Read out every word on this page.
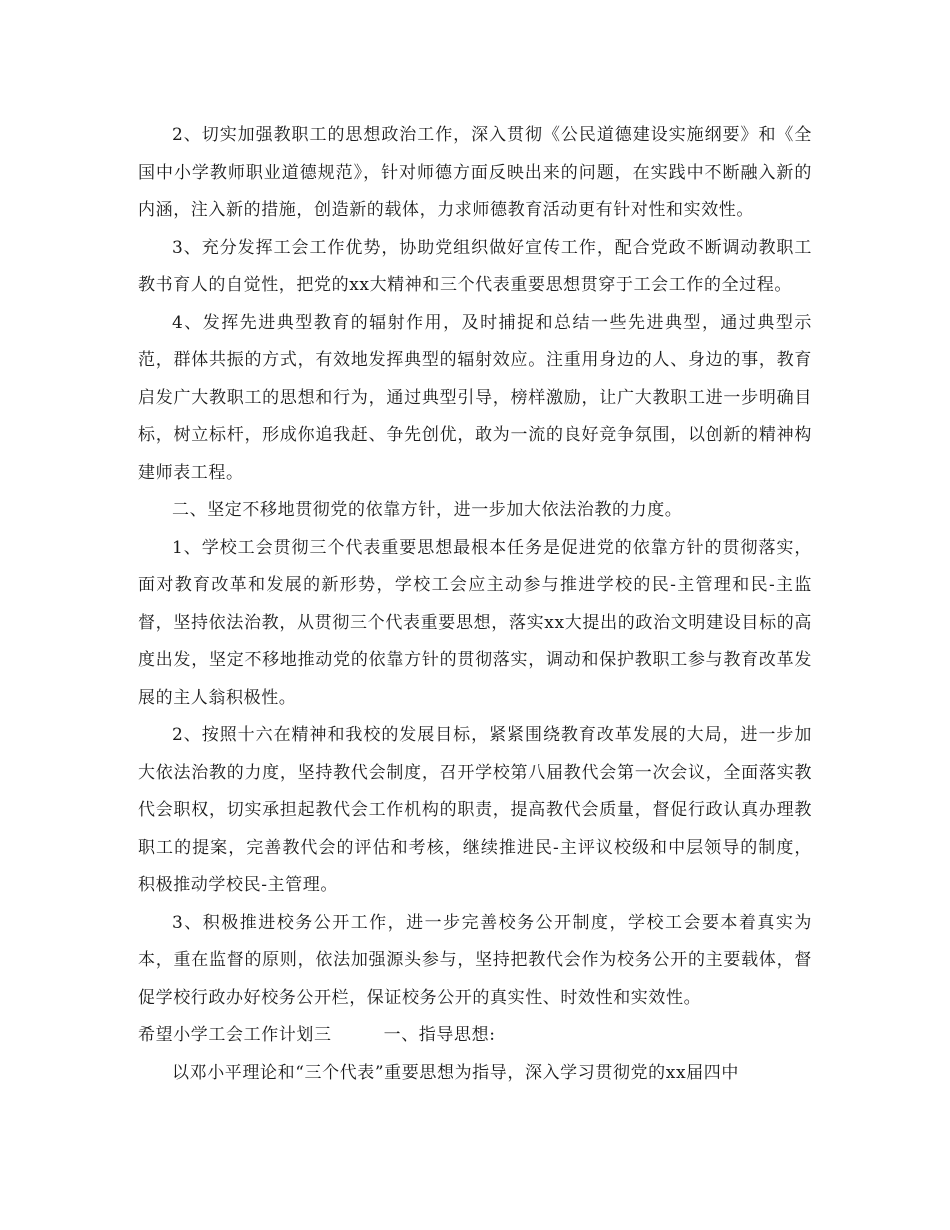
2、切实加强教职工的思想政治工作，深入贯彻《公民道德建设实施纲要》和《全国中小学教师职业道德规范》，针对师德方面反映出来的问题，在实践中不断融入新的内涵，注入新的措施，创造新的载体，力求师德教育活动更有针对性和实效性。

3、充分发挥工会工作优势，协助党组织做好宣传工作，配合党政不断调动教职工教书育人的自觉性，把党的xx大精神和三个代表重要思想贯穿于工会工作的全过程。

4、发挥先进典型教育的辐射作用，及时捕捉和总结一些先进典型，通过典型示范，群体共振的方式，有效地发挥典型的辐射效应。注重用身边的人、身边的事，教育启发广大教职工的思想和行为，通过典型引导，榜样激励，让广大教职工进一步明确目标，树立标杆，形成你追我赶、争先创优，敢为一流的良好竞争氛围，以创新的精神构建师表工程。

二、坚定不移地贯彻党的依靠方针，进一步加大依法治教的力度。

1、学校工会贯彻三个代表重要思想最根本任务是促进党的依靠方针的贯彻落实，面对教育改革和发展的新形势，学校工会应主动参与推进学校的民-主管理和民-主监督，坚持依法治教，从贯彻三个代表重要思想，落实xx大提出的政治文明建设目标的高度出发，坚定不移地推动党的依靠方针的贯彻落实，调动和保护教职工参与教育改革发展的主人翁积极性。

2、按照十六在精神和我校的发展目标，紧紧围绕教育改革发展的大局，进一步加大依法治教的力度，坚持教代会制度，召开学校第八届教代会第一次会议，全面落实教代会职权，切实承担起教代会工作机构的职责，提高教代会质量，督促行政认真办理教职工的提案，完善教代会的评估和考核，继续推进民-主评议校级和中层领导的制度，积极推动学校民-主管理。

3、积极推进校务公开工作，进一步完善校务公开制度，学校工会要本着真实为本，重在监督的原则，依法加强源头参与，坚持把教代会作为校务公开的主要载体，督促学校行政办好校务公开栏，保证校务公开的真实性、时效性和实效性。

希望小学工会工作计划三	一、指导思想:

以邓小平理论和“三个代表”重要思想为指导，深入学习贯彻党的xx届四中
